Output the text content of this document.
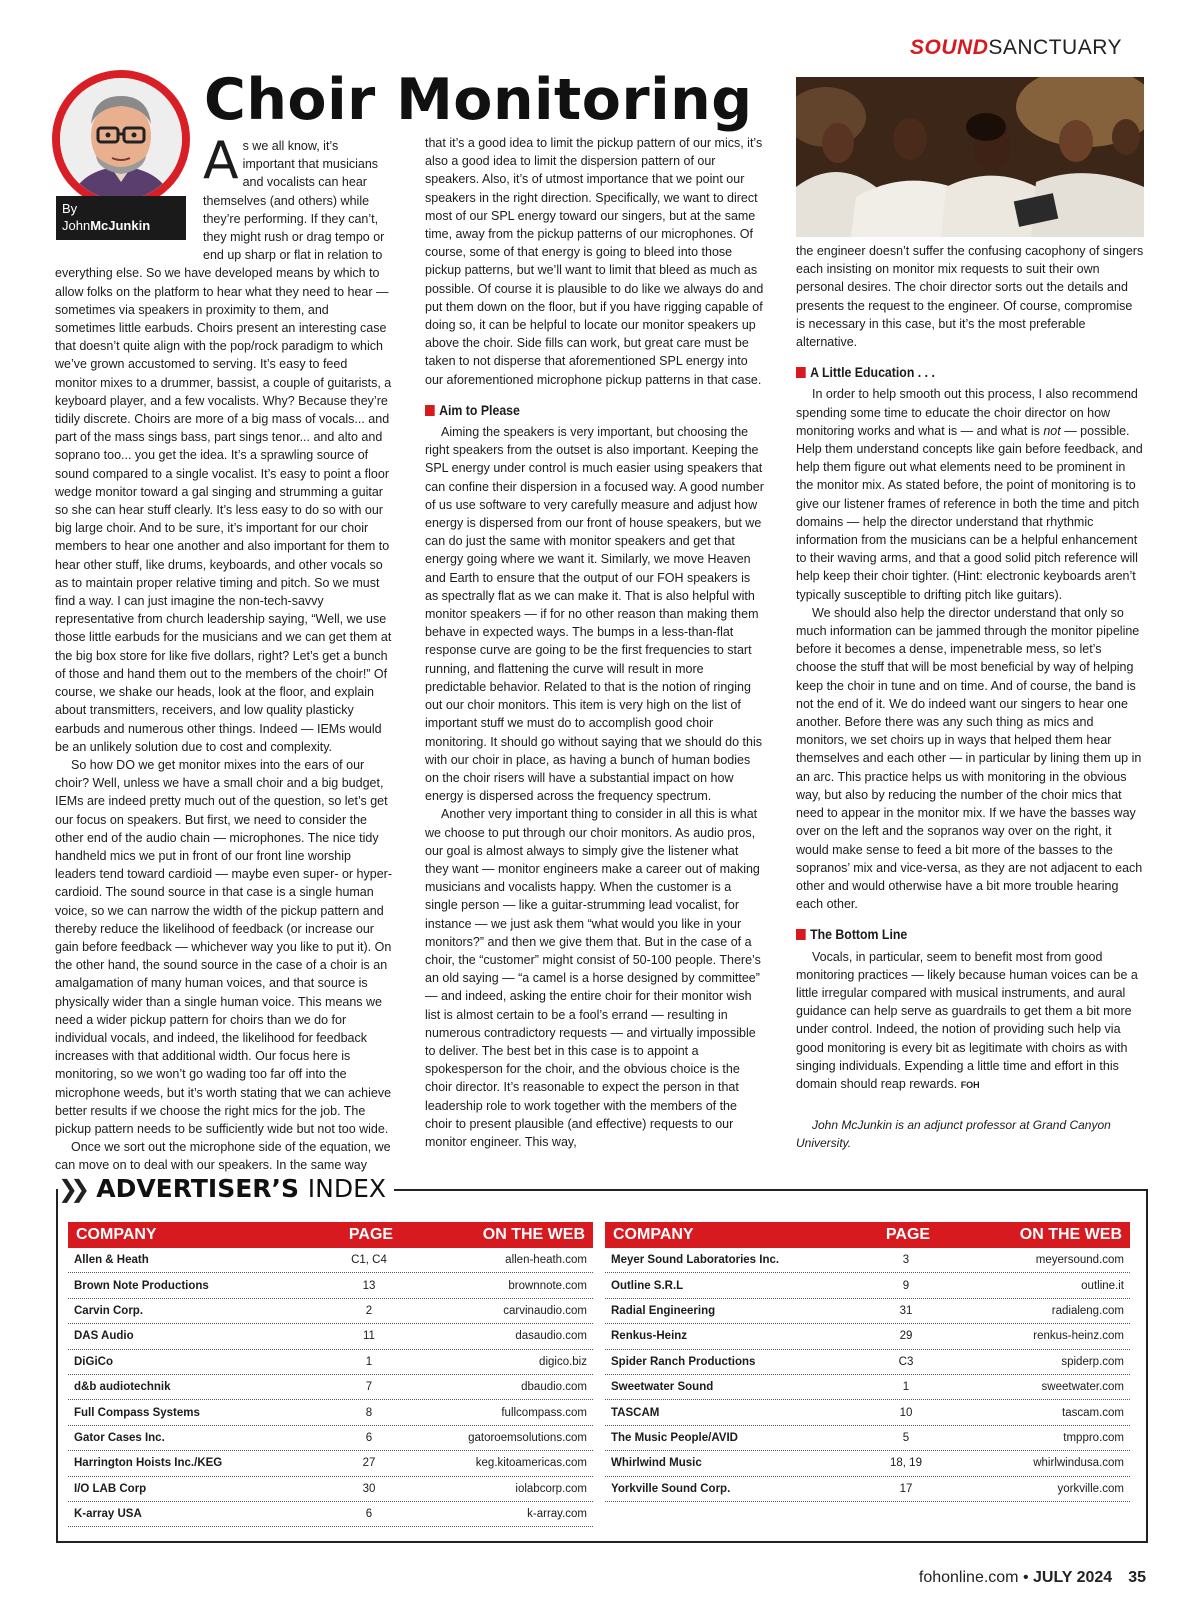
SOUNDSANCTUARY
By
JohnMcJunkin
Choir Monitoring

As we all know, it’s important that musicians and vocalists can hear themselves (and others) while they’re performing. If they can’t, they might rush or drag tempo or end up sharp or flat in relation to everything else. So we have developed means by which to allow folks on the platform to hear what they need to hear — sometimes via speakers in proximity to them, and sometimes little earbuds. Choirs present an interesting case that doesn’t quite align with the pop/rock paradigm to which we’ve grown accustomed to serving. It’s easy to feed monitor mixes to a drummer, bassist, a couple of guitarists, a keyboard player, and a few vocalists. Why? Because they’re tidily discrete. Choirs are more of a big mass of vocals... and part of the mass sings bass, part sings tenor... and alto and soprano too... you get the idea. It’s a sprawling source of sound compared to a single vocalist. It’s easy to point a floor wedge monitor toward a gal singing and strumming a guitar so she can hear stuff clearly. It’s less easy to do so with our big large choir. And to be sure, it’s important for our choir members to hear one another and also important for them to hear other stuff, like drums, keyboards, and other vocals so as to maintain proper relative timing and pitch. So we must find a way. I can just imagine the non-tech-savvy representative from church leadership saying, “Well, we use those little earbuds for the musicians and we can get them at the big box store for like five dollars, right? Let’s get a bunch of those and hand them out to the members of the choir!” Of course, we shake our heads, look at the floor, and explain about transmitters, receivers, and low quality plasticky earbuds and numerous other things. Indeed — IEMs would be an unlikely solution due to cost and complexity.

So how DO we get monitor mixes into the ears of our choir? Well, unless we have a small choir and a big budget, IEMs are indeed pretty much out of the question, so let’s get our focus on speakers. But first, we need to consider the other end of the audio chain — microphones. The nice tidy handheld mics we put in front of our front line worship leaders tend toward cardioid — maybe even super- or hyper-cardioid. The sound source in that case is a single human voice, so we can narrow the width of the pickup pattern and thereby reduce the likelihood of feedback (or increase our gain before feedback — whichever way you like to put it). On the other hand, the sound source in the case of a choir is an amalgamation of many human voices, and that source is physically wider than a single human voice. This means we need a wider pickup pattern for choirs than we do for individual vocals, and indeed, the likelihood for feedback increases with that additional width. Our focus here is monitoring, so we won’t go wading too far off into the microphone weeds, but it’s worth stating that we can achieve better results if we choose the right mics for the job. The pickup pattern needs to be sufficiently wide but not too wide.

Once we sort out the microphone side of the equation, we can move on to deal with our speakers. In the same way

that it’s a good idea to limit the pickup pattern of our mics, it’s also a good idea to limit the dispersion pattern of our speakers. Also, it’s of utmost importance that we point our speakers in the right direction. Specifically, we want to direct most of our SPL energy toward our singers, but at the same time, away from the pickup patterns of our microphones. Of course, some of that energy is going to bleed into those pickup patterns, but we’ll want to limit that bleed as much as possible. Of course it is plausible to do like we always do and put them down on the floor, but if you have rigging capable of doing so, it can be helpful to locate our monitor speakers up above the choir. Side fills can work, but great care must be taken to not disperse that aforementioned SPL energy into our aforementioned microphone pickup patterns in that case.

Aim to Please

Aiming the speakers is very important, but choosing the right speakers from the outset is also important. Keeping the SPL energy under control is much easier using speakers that can confine their dispersion in a focused way. A good number of us use software to very carefully measure and adjust how energy is dispersed from our front of house speakers, but we can do just the same with monitor speakers and get that energy going where we want it. Similarly, we move Heaven and Earth to ensure that the output of our FOH speakers is as spectrally flat as we can make it. That is also helpful with monitor speakers — if for no other reason than making them behave in expected ways. The bumps in a less-than-flat response curve are going to be the first frequencies to start running, and flattening the curve will result in more predictable behavior. Related to that is the notion of ringing out our choir monitors. This item is very high on the list of important stuff we must do to accomplish good choir monitoring. It should go without saying that we should do this with our choir in place, as having a bunch of human bodies on the choir risers will have a substantial impact on how energy is dispersed across the frequency spectrum.

Another very important thing to consider in all this is what we choose to put through our choir monitors. As audio pros, our goal is almost always to simply give the listener what they want — monitor engineers make a career out of making musicians and vocalists happy. When the customer is a single person — like a guitar-strumming lead vocalist, for instance — we just ask them “what would you like in your monitors?” and then we give them that. But in the case of a choir, the “customer” might consist of 50-100 people. There’s an old saying — “a camel is a horse designed by committee” — and indeed, asking the entire choir for their monitor wish list is almost certain to be a fool’s errand — resulting in numerous contradictory requests — and virtually impossible to deliver. The best bet in this case is to appoint a spokesperson for the choir, and the obvious choice is the choir director. It’s reasonable to expect the person in that leadership role to work together with the members of the choir to present plausible (and effective) requests to our monitor engineer. This way,

the engineer doesn’t suffer the confusing cacophony of singers each insisting on monitor mix requests to suit their own personal desires. The choir director sorts out the details and presents the request to the engineer. Of course, compromise is necessary in this case, but it’s the most preferable alternative.

A Little Education . . .

In order to help smooth out this process, I also recommend spending some time to educate the choir director on how monitoring works and what is — and what is not — possible. Help them understand concepts like gain before feedback, and help them figure out what elements need to be prominent in the monitor mix. As stated before, the point of monitoring is to give our listener frames of reference in both the time and pitch domains — help the director understand that rhythmic information from the musicians can be a helpful enhancement to their waving arms, and that a good solid pitch reference will help keep their choir tighter. (Hint: electronic keyboards aren’t typically susceptible to drifting pitch like guitars).

We should also help the director understand that only so much information can be jammed through the monitor pipeline before it becomes a dense, impenetrable mess, so let’s choose the stuff that will be most beneficial by way of helping keep the choir in tune and on time. And of course, the band is not the end of it. We do indeed want our singers to hear one another. Before there was any such thing as mics and monitors, we set choirs up in ways that helped them hear themselves and each other — in particular by lining them up in an arc. This practice helps us with monitoring in the obvious way, but also by reducing the number of the choir mics that need to appear in the monitor mix. If we have the basses way over on the left and the sopranos way over on the right, it would make sense to feed a bit more of the basses to the sopranos’ mix and vice-versa, as they are not adjacent to each other and would otherwise have a bit more trouble hearing each other.

The Bottom Line

Vocals, in particular, seem to benefit most from good monitoring practices — likely because human voices can be a little irregular compared with musical instruments, and aural guidance can help serve as guardrails to get them a bit more under control. Indeed, the notion of providing such help via good monitoring is every bit as legitimate with choirs as with singing individuals. Expending a little time and effort in this domain should reap rewards. FOH

John McJunkin is an adjunct professor at Grand Canyon University.

❯❯ ADVERTISER’S INDEX
COMPANY	PAGE	ON THE WEB
Allen & Heath	C1, C4	allen-heath.com
Brown Note Productions	13	brownnote.com
Carvin Corp.	2	carvinaudio.com
DAS Audio	11	dasaudio.com
DiGiCo	1	digico.biz
d&b audiotechnik	7	dbaudio.com
Full Compass Systems	8	fullcompass.com
Gator Cases Inc.	6	gatoroemsolutions.com
Harrington Hoists Inc./KEG	27	keg.kitoamericas.com
I/O LAB Corp	30	iolabcorp.com
K-array USA	6	k-array.com
COMPANY	PAGE	ON THE WEB
Meyer Sound Laboratories Inc.	3	meyersound.com
Outline S.R.L	9	outline.it
Radial Engineering	31	radialeng.com
Renkus-Heinz	29	renkus-heinz.com
Spider Ranch Productions	C3	spiderp.com
Sweetwater Sound	1	sweetwater.com
TASCAM	10	tascam.com
The Music People/AVID	5	tmppro.com
Whirlwind Music	18, 19	whirlwindusa.com
Yorkville Sound Corp.	17	yorkville.com
fohonline.com • JULY 2024 35
